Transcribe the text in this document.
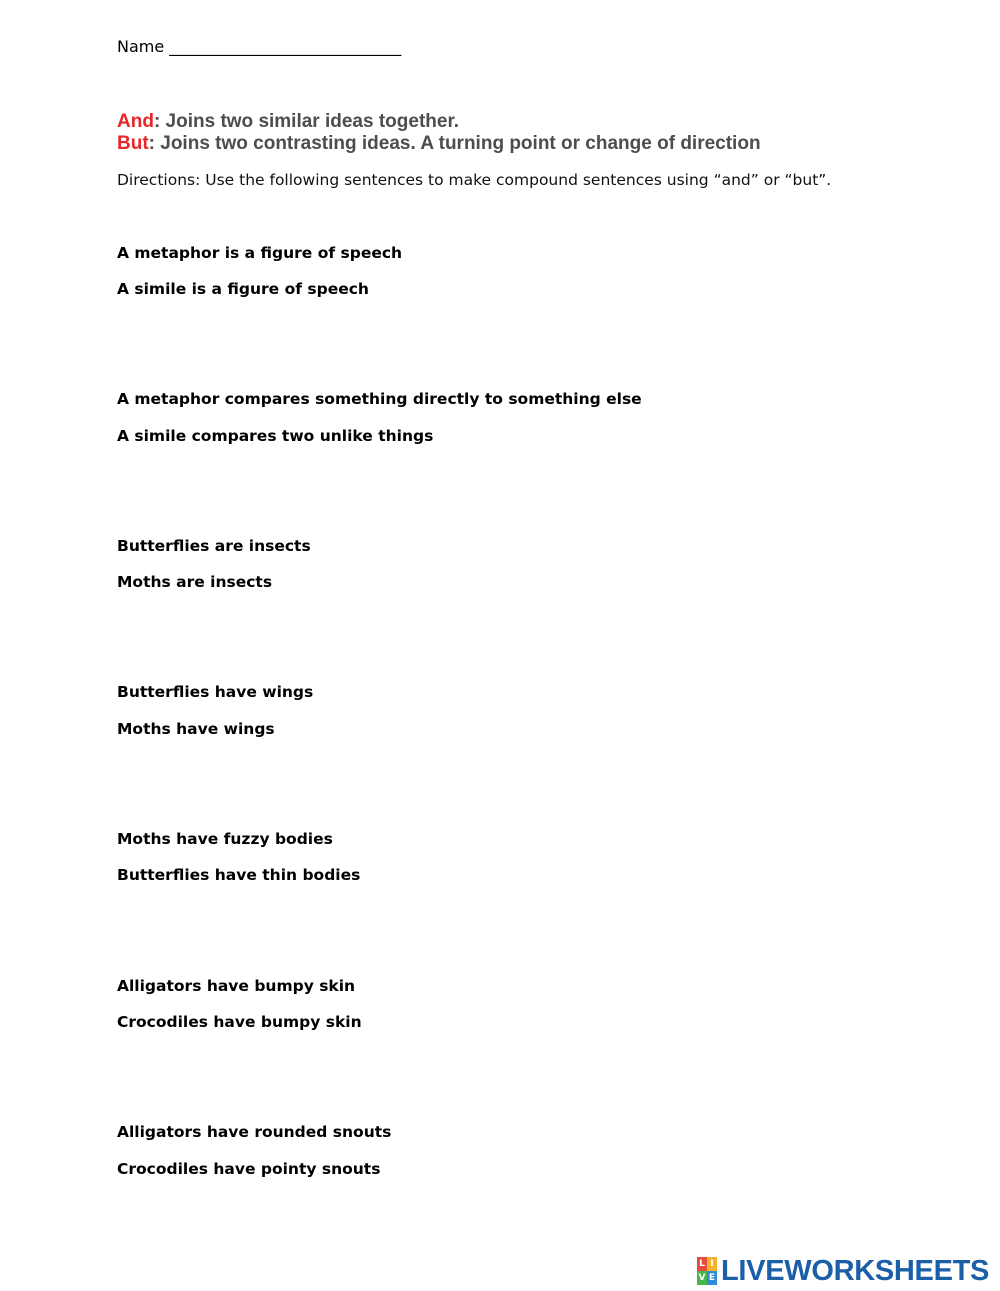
Name _____________________________
And: Joins two similar ideas together.
But: Joins two contrasting ideas. A turning point or change of direction
Directions: Use the following sentences to make compound sentences using “and” or “but”.
A metaphor is a figure of speech
A simile is a figure of speech
A metaphor compares something directly to something else
A simile compares two unlike things
Butterflies are insects
Moths are insects
Butterflies have wings
Moths have wings
Moths have fuzzy bodies
Butterflies have thin bodies
Alligators have bumpy skin
Crocodiles have bumpy skin
Alligators have rounded snouts
Crocodiles have pointy snouts
L I
V E LIVEWORKSHEETS
